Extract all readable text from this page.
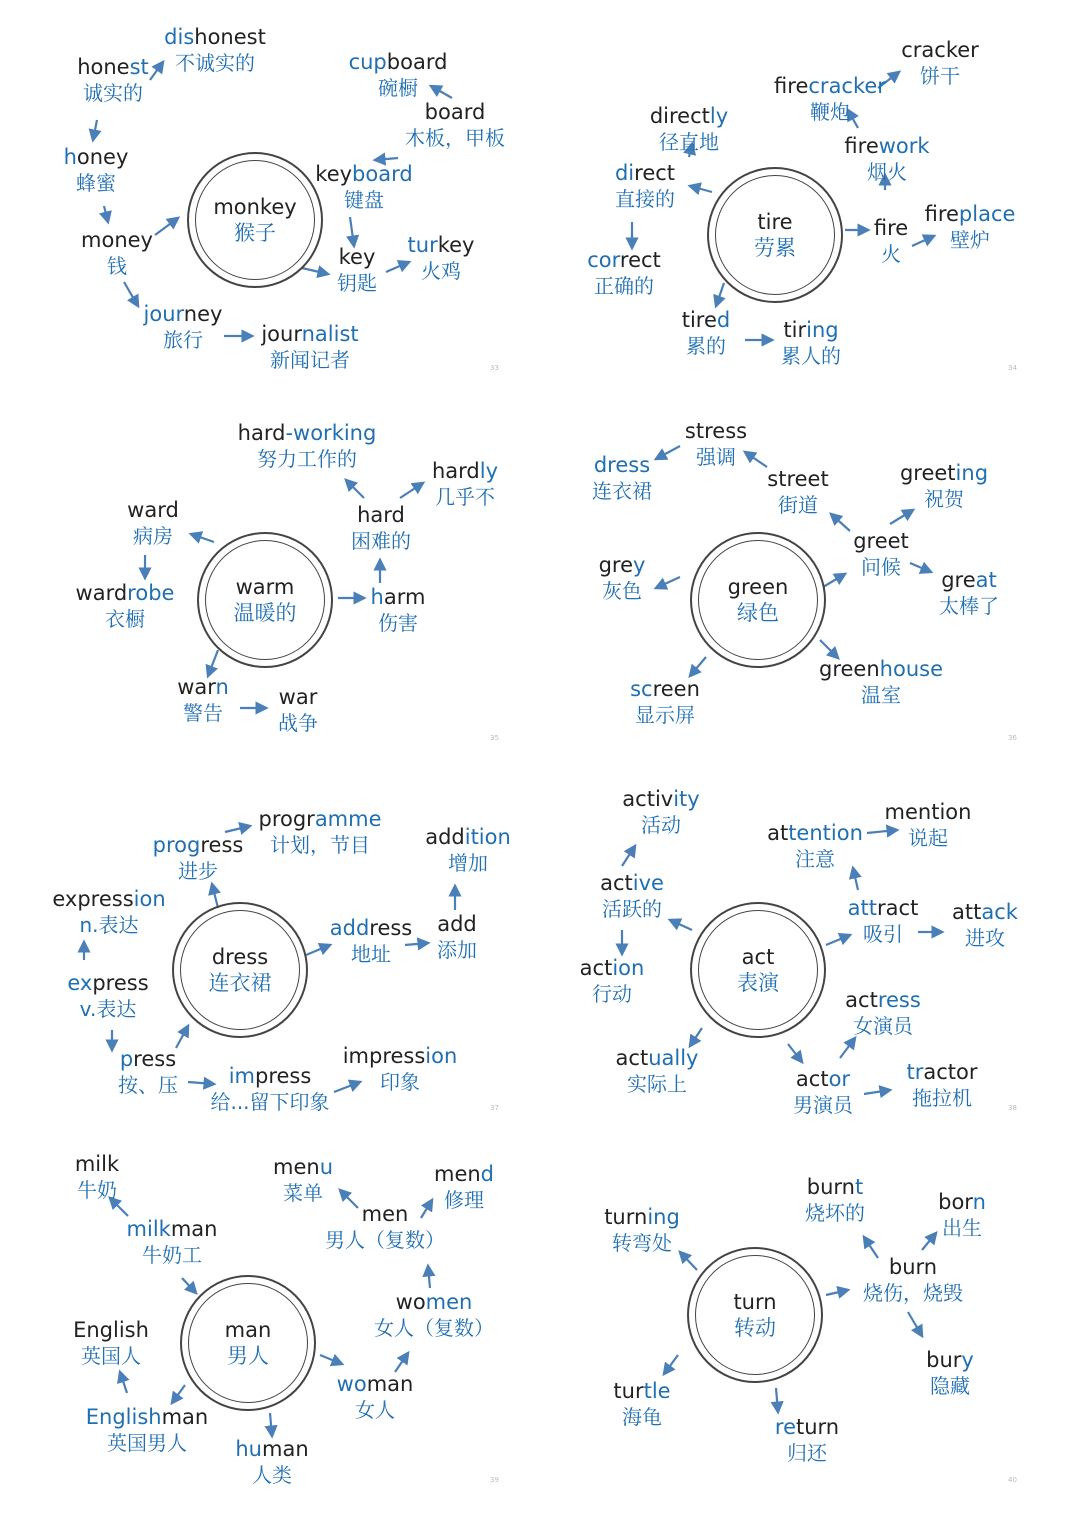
monkey
猴子
dishonest
不诚实的
honest
诚实的
honey
蜂蜜
money
钱
journey
旅行	journalist
新闻记者
cupboard
碗橱
board
木板，甲板
keyboard
键盘
key
钥匙
turkey
火鸡
33
tire
劳累
cracker
饼干
firecracker
鞭炮
directly
径直地	firework
烟火
direct
直接的
fire
火
fireplace
壁炉
correct
正确的
tired
累的
tiring
累人的	34
warm
温暖的
hard-working
努力工作的	hardly
几乎不
ward
病房
hard
困难的
wardrobe
衣橱
harm
伤害
warn
警告
war
战争
35
green
绿色
stress
强调
dress
连衣裙	street
街道
greeting
祝贺
grey
灰色
greet
问候
great
太棒了
greenhouse
温室
screen
显示屏
36
dress
连衣裙
programme
计划，节目
progress
进步
addition
增加
expression
n.表达	address
地址
add
添加
express
v.表达
press
按、压	impress
给...留下印象
impression
印象
37
act
表演
activity
活动
mention
说起
attention
注意
active
活跃的	attract
吸引
attack
进攻
action
行动	actress
女演员
actually
实际上	actor
男演员
tractor
拖拉机	38
man
男人
milk
牛奶
menu
菜单
mend
修理
men
男人（复数）
milkman
牛奶工
women
女人（复数）
English
英国人
woman
女人
Englishman
英国男人	human
人类	39
turn
转动
burnt
烧坏的	born
出生
turning
转弯处
burn
烧伤，烧毁
bury
隐藏
turtle
海龟	return
归还
40
